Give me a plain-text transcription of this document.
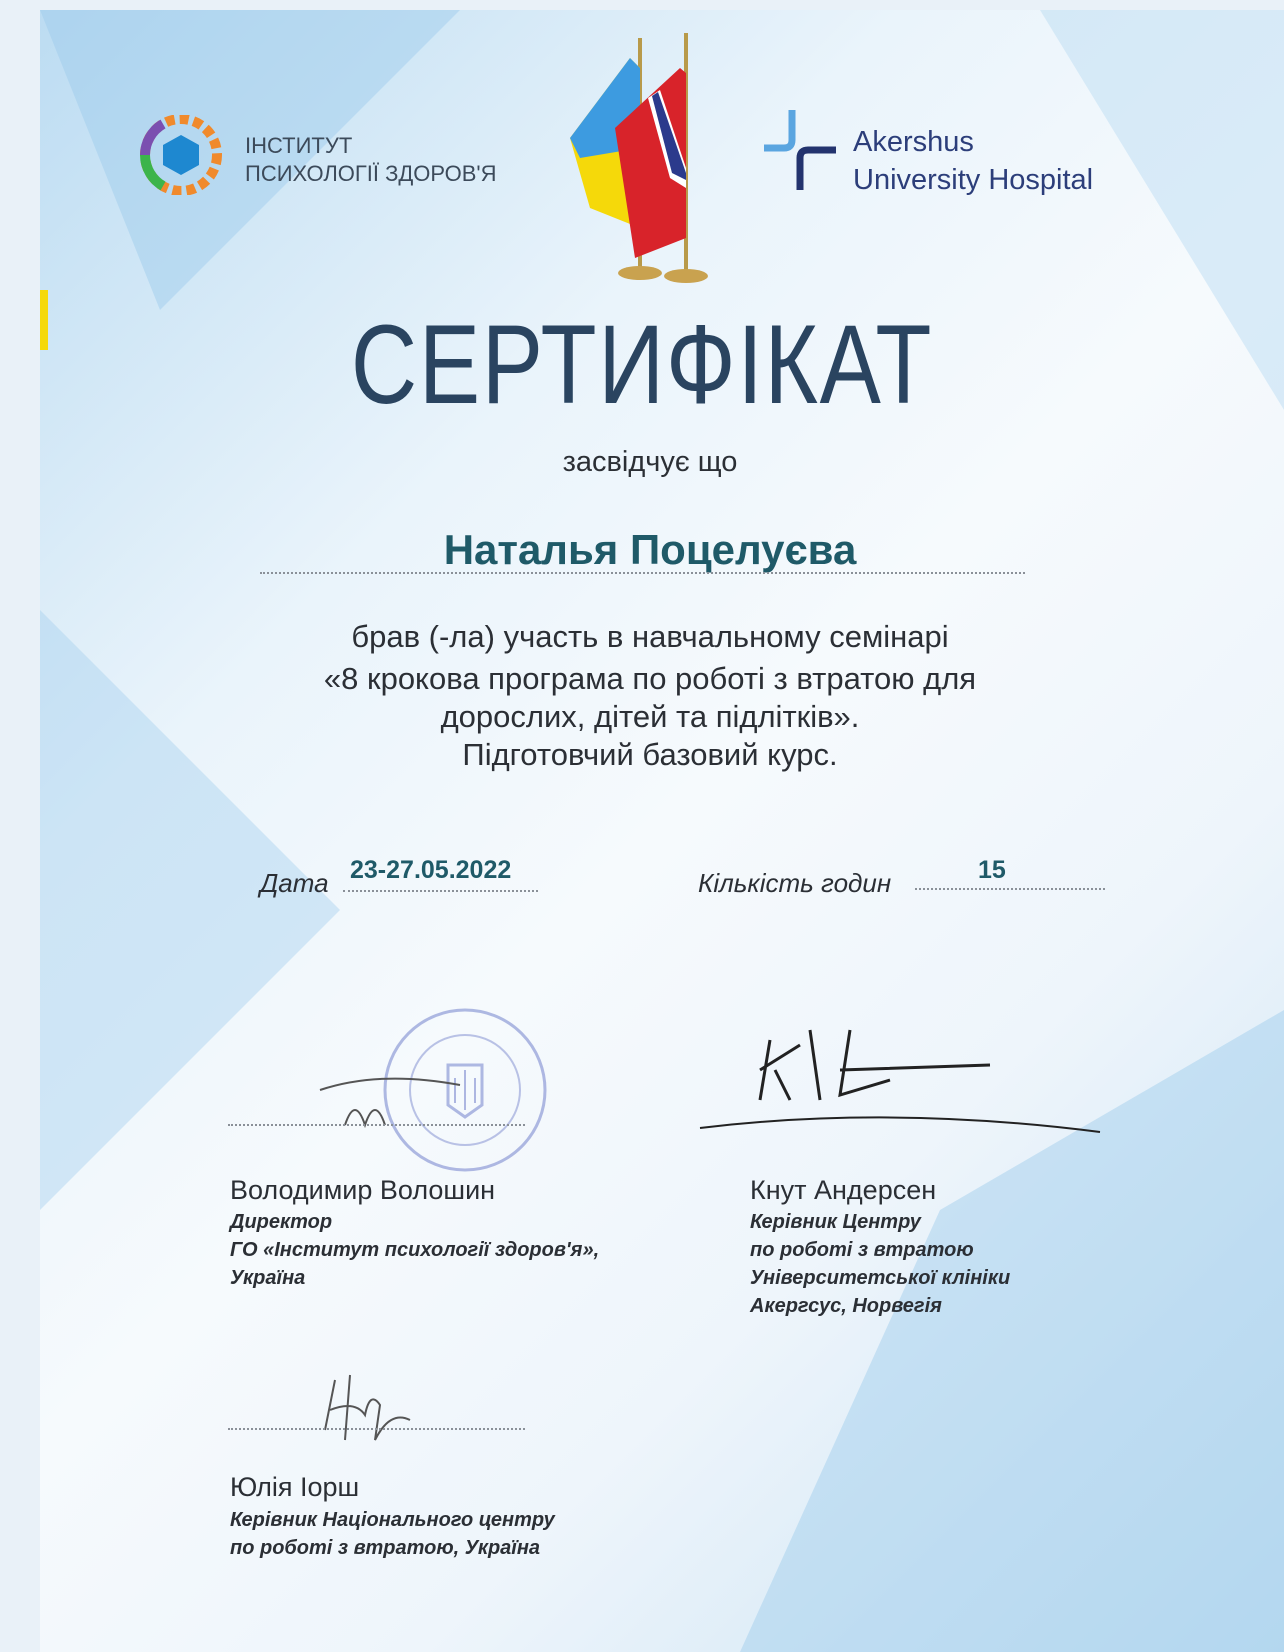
ІНСТИТУТ
ПСИХОЛОГІЇ ЗДОРОВ'Я
Akershus
University Hospital
СЕРТИФІКАТ
засвідчує що
Наталья Поцелуєва
брав (-ла) участь в навчальному семінарі
«8 крокова програма по роботі з втратою для
дорослих, дітей та підлітків».
Підготовчий базовий курс.
Дата 23-27.05.2022	Кількість годин	15
Володимир Волошин
Директор
ГО «Інститут психології здоров'я»,
Україна
Кнут Андерсен
Керівник Центру
по роботі з втратою
Університетської клініки
Акергсус, Норвегія
Юлія Іорш
Керівник Національного центру
по роботі з втратою, Україна
